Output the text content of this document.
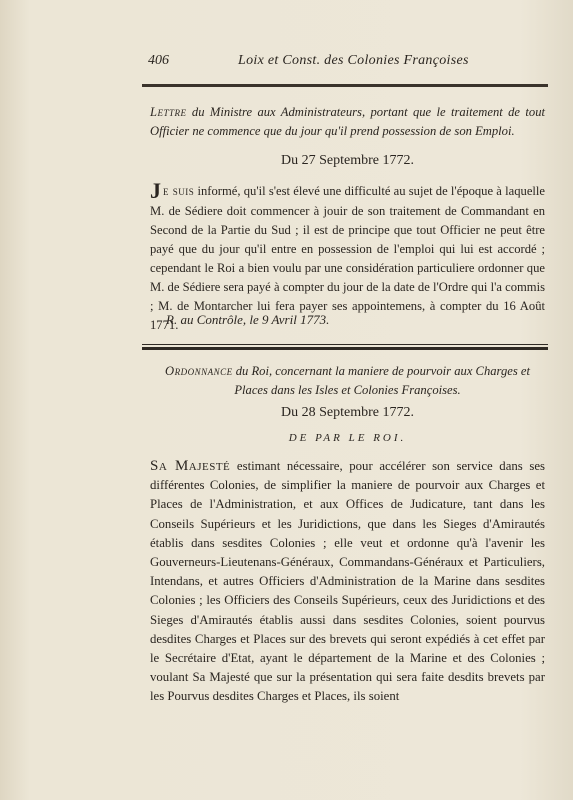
406	Loix et Const. des Colonies Françoises
Lettre du Ministre aux Administrateurs, portant que le traitement de tout Officier ne commence que du jour qu'il prend possession de son Emploi.
Du 27 Septembre 1772.
Je suis informé, qu'il s'est élevé une difficulté au sujet de l'époque à laquelle M. de Sédiere doit commencer à jouir de son traitement de Commandant en Second de la Partie du Sud ; il est de principe que tout Officier ne peut être payé que du jour qu'il entre en possession de l'emploi qui lui est accordé ; cependant le Roi a bien voulu par une considération particuliere ordonner que M. de Sédiere sera payé à compter du jour de la date de l'Ordre qui l'a commis ; M. de Montarcher lui fera payer ses appointemens, à compter du 16 Août 1771.
R. au Contrôle, le 9 Avril 1773.
Ordonnance du Roi, concernant la maniere de pourvoir aux Charges et Places dans les Isles et Colonies Françoises.
Du 28 Septembre 1772.
DE PAR LE ROI.
Sa Majesté estimant nécessaire, pour accélérer son service dans ses différentes Colonies, de simplifier la maniere de pourvoir aux Charges et Places de l'Administration, et aux Offices de Judicature, tant dans les Conseils Supérieurs et les Juridictions, que dans les Sieges d'Amirautés établis dans sesdites Colonies ; elle veut et ordonne qu'à l'avenir les Gouverneurs-Lieutenans-Généraux, Commandans-Généraux et Particuliers, Intendans, et autres Officiers d'Administration de la Marine dans sesdites Colonies ; les Officiers des Conseils Supérieurs, ceux des Juridictions et des Sieges d'Amirautés établis aussi dans sesdites Colonies, soient pourvus desdites Charges et Places sur des brevets qui seront expédiés à cet effet par le Secrétaire d'Etat, ayant le département de la Marine et des Colonies ; voulant Sa Majesté que sur la présentation qui sera faite desdits brevets par les Pourvus desdites Charges et Places, ils soient
